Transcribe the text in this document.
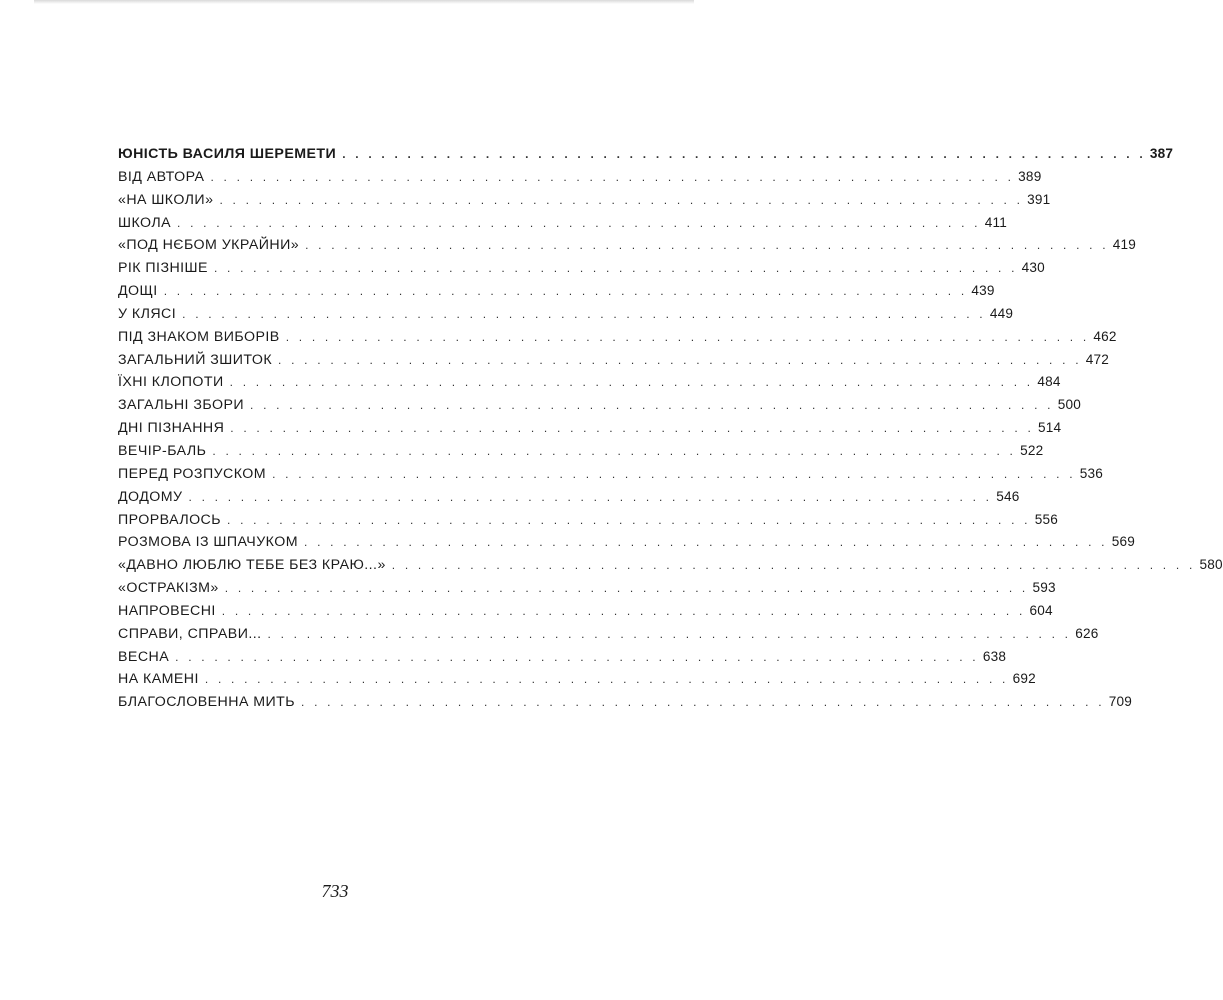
ЮНІСТЬ ВАСИЛЯ ШЕРЕМЕТИ . . . . . . . . . . . . . . . . . . . . . . . . . . . . . . . . . . . . . . . . . . . . . . . . . . . . . . . . . . . . . . 387
ВІД АВТОРА . . . . . . . . . . . . . . . . . . . . . . . . . . . . . . . . . . . . . . . . . . . . . . . . . . . . . . . . . . . . . . 389
«НА ШКОЛИ» . . . . . . . . . . . . . . . . . . . . . . . . . . . . . . . . . . . . . . . . . . . . . . . . . . . . . . . . . . . . . . 391
ШКОЛА . . . . . . . . . . . . . . . . . . . . . . . . . . . . . . . . . . . . . . . . . . . . . . . . . . . . . . . . . . . . . . 411
«ПОД НЄБОМ УКРАЙНИ» . . . . . . . . . . . . . . . . . . . . . . . . . . . . . . . . . . . . . . . . . . . . . . . . . . . . . . . . . . . . . . 419
РІК ПІЗНІШЕ . . . . . . . . . . . . . . . . . . . . . . . . . . . . . . . . . . . . . . . . . . . . . . . . . . . . . . . . . . . . . . 430
ДОЩІ . . . . . . . . . . . . . . . . . . . . . . . . . . . . . . . . . . . . . . . . . . . . . . . . . . . . . . . . . . . . . . 439
У КЛЯСІ . . . . . . . . . . . . . . . . . . . . . . . . . . . . . . . . . . . . . . . . . . . . . . . . . . . . . . . . . . . . . . 449
ПІД ЗНАКОМ ВИБОРІВ . . . . . . . . . . . . . . . . . . . . . . . . . . . . . . . . . . . . . . . . . . . . . . . . . . . . . . . . . . . . . . 462
ЗАГАЛЬНИЙ ЗШИТОК . . . . . . . . . . . . . . . . . . . . . . . . . . . . . . . . . . . . . . . . . . . . . . . . . . . . . . . . . . . . . . 472
ЇХНІ КЛОПОТИ . . . . . . . . . . . . . . . . . . . . . . . . . . . . . . . . . . . . . . . . . . . . . . . . . . . . . . . . . . . . . . 484
ЗАГАЛЬНІ ЗБОРИ . . . . . . . . . . . . . . . . . . . . . . . . . . . . . . . . . . . . . . . . . . . . . . . . . . . . . . . . . . . . . . 500
ДНІ ПІЗНАННЯ . . . . . . . . . . . . . . . . . . . . . . . . . . . . . . . . . . . . . . . . . . . . . . . . . . . . . . . . . . . . . . 514
ВЕЧІР-БАЛЬ . . . . . . . . . . . . . . . . . . . . . . . . . . . . . . . . . . . . . . . . . . . . . . . . . . . . . . . . . . . . . . 522
ПЕРЕД РОЗПУСКОМ . . . . . . . . . . . . . . . . . . . . . . . . . . . . . . . . . . . . . . . . . . . . . . . . . . . . . . . . . . . . . . 536
ДОДОМУ . . . . . . . . . . . . . . . . . . . . . . . . . . . . . . . . . . . . . . . . . . . . . . . . . . . . . . . . . . . . . . 546
ПРОРВАЛОСЬ . . . . . . . . . . . . . . . . . . . . . . . . . . . . . . . . . . . . . . . . . . . . . . . . . . . . . . . . . . . . . . 556
РОЗМОВА ІЗ ШПАЧУКОМ . . . . . . . . . . . . . . . . . . . . . . . . . . . . . . . . . . . . . . . . . . . . . . . . . . . . . . . . . . . . . . 569
«ДАВНО ЛЮБЛЮ ТЕБЕ БЕЗ КРАЮ...» . . . . . . . . . . . . . . . . . . . . . . . . . . . . . . . . . . . . . . . . . . . . . . . . . . . . . . . . . . . . . . 580
«ОСТРАКІЗМ» . . . . . . . . . . . . . . . . . . . . . . . . . . . . . . . . . . . . . . . . . . . . . . . . . . . . . . . . . . . . . . 593
НАПРОВЕСНІ . . . . . . . . . . . . . . . . . . . . . . . . . . . . . . . . . . . . . . . . . . . . . . . . . . . . . . . . . . . . . . 604
СПРАВИ, СПРАВИ... . . . . . . . . . . . . . . . . . . . . . . . . . . . . . . . . . . . . . . . . . . . . . . . . . . . . . . . . . . . . . . 626
ВЕСНА . . . . . . . . . . . . . . . . . . . . . . . . . . . . . . . . . . . . . . . . . . . . . . . . . . . . . . . . . . . . . . 638
НА КАМЕНІ . . . . . . . . . . . . . . . . . . . . . . . . . . . . . . . . . . . . . . . . . . . . . . . . . . . . . . . . . . . . . . 692
БЛАГОСЛОВЕННА МИТЬ . . . . . . . . . . . . . . . . . . . . . . . . . . . . . . . . . . . . . . . . . . . . . . . . . . . . . . . . . . . . . . 709
733
